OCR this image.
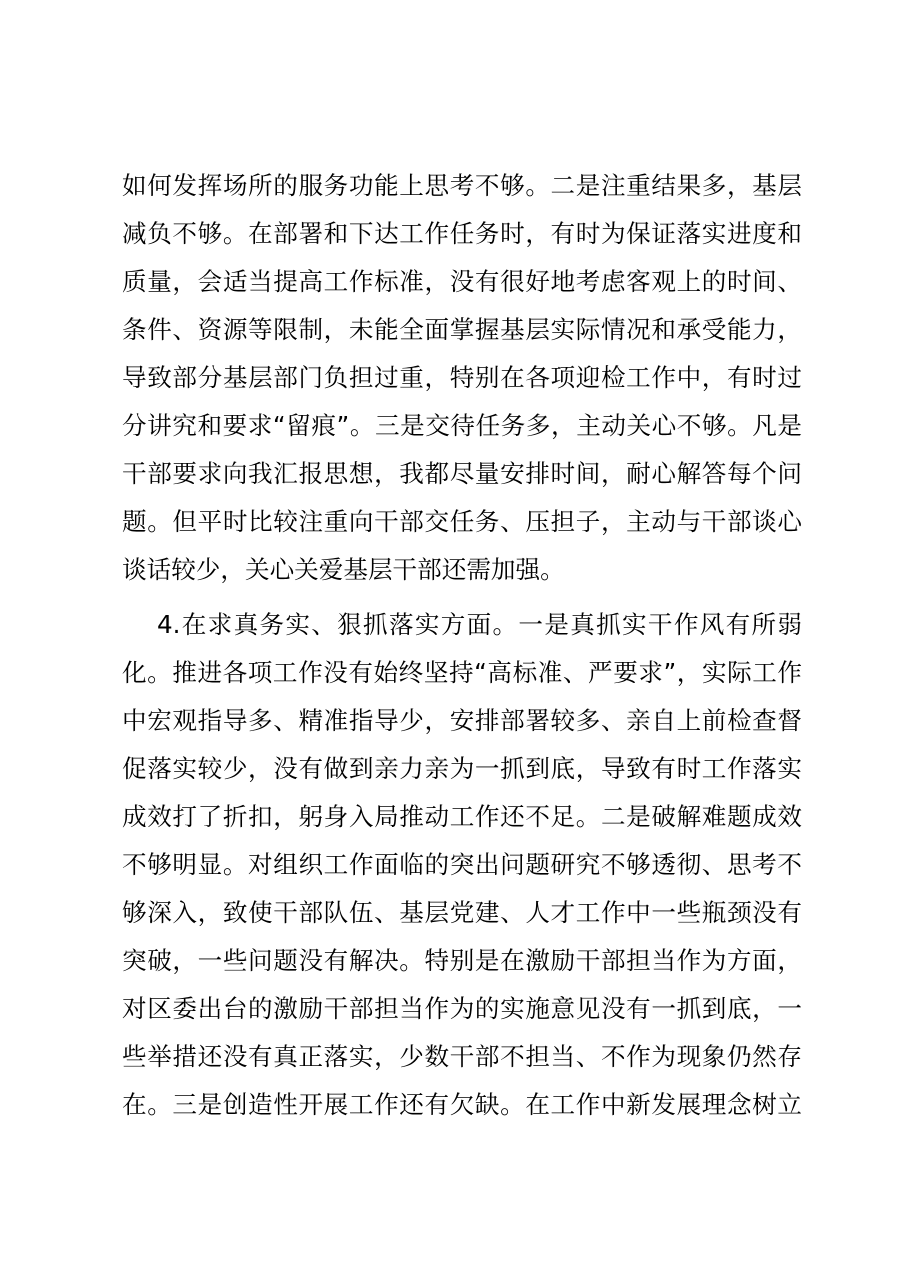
如何发挥场所的服务功能上思考不够。二是注重结果多，基层
减负不够。在部署和下达工作任务时，有时为保证落实进度和
质量，会适当提高工作标准，没有很好地考虑客观上的时间、
条件、资源等限制，未能全面掌握基层实际情况和承受能力，
导致部分基层部门负担过重，特别在各项迎检工作中，有时过
分讲究和要求“留痕”。三是交待任务多，主动关心不够。凡是
干部要求向我汇报思想，我都尽量安排时间，耐心解答每个问
题。但平时比较注重向干部交任务、压担子，主动与干部谈心
谈话较少，关心关爱基层干部还需加强。
4.在求真务实、狠抓落实方面。一是真抓实干作风有所弱
化。推进各项工作没有始终坚持“高标准、严要求”，实际工作
中宏观指导多、精准指导少，安排部署较多、亲自上前检查督
促落实较少，没有做到亲力亲为一抓到底，导致有时工作落实
成效打了折扣，躬身入局推动工作还不足。二是破解难题成效
不够明显。对组织工作面临的突出问题研究不够透彻、思考不
够深入，致使干部队伍、基层党建、人才工作中一些瓶颈没有
突破，一些问题没有解决。特别是在激励干部担当作为方面，
对区委出台的激励干部担当作为的实施意见没有一抓到底，一
些举措还没有真正落实，少数干部不担当、不作为现象仍然存
在。三是创造性开展工作还有欠缺。在工作中新发展理念树立
